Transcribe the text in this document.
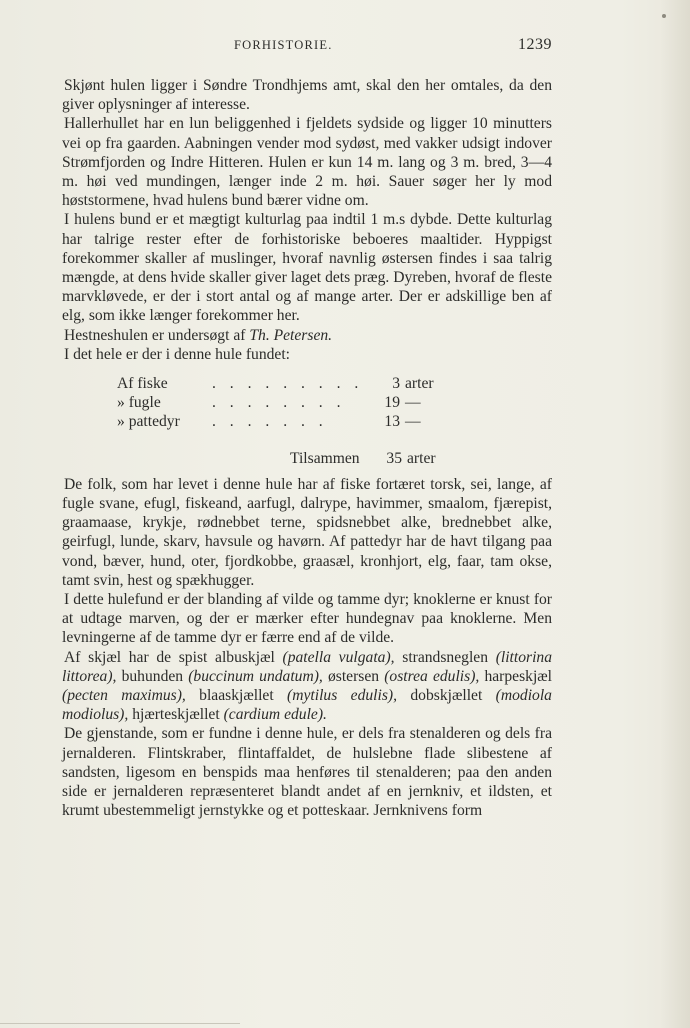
FORHISTORIE.	1239

Skjønt hulen ligger i Søndre Trondhjems amt, skal den her omtales, da den giver oplysninger af interesse.

Hallerhullet har en lun beliggenhed i fjeldets sydside og ligger 10 minutters vei op fra gaarden. Aabningen vender mod sydøst, med vakker udsigt indover Strømfjorden og Indre Hitteren. Hulen er kun 14 m. lang og 3 m. bred, 3—4 m. høi ved mundingen, længer inde 2 m. høi. Sauer søger her ly mod høststormene, hvad hulens bund bærer vidne om.

I hulens bund er et mægtigt kulturlag paa indtil 1 m.s dybde. Dette kulturlag har talrige rester efter de forhistoriske beboeres maaltider. Hyppigst forekommer skaller af muslinger, hvoraf navnlig østersen findes i saa talrig mængde, at dens hvide skaller giver laget dets præg. Dyreben, hvoraf de fleste marvkløvede, er der i stort antal og af mange arter. Der er adskillige ben af elg, som ikke længer forekommer her.

Hestneshulen er undersøgt af Th. Petersen.

I det hele er der i denne hule fundet:

Af fiske	. . . . . . . . .	3 arter
» fugle	. . . . . . . .	19 —
» pattedyr . . . . . . .	13 —
Tilsammen	35 arter

De folk, som har levet i denne hule har af fiske fortæret torsk, sei, lange, af fugle svane, efugl, fiskeand, aarfugl, dalrype, havimmer, smaalom, fjærepist, graamaase, krykje, rødnebbet terne, spidsnebbet alke, brednebbet alke, geirfugl, lunde, skarv, havsule og havørn. Af pattedyr har de havt tilgang paa vond, bæver, hund, oter, fjordkobbe, graasæl, kronhjort, elg, faar, tam okse, tamt svin, hest og spækhugger.

I dette hulefund er der blanding af vilde og tamme dyr; knoklerne er knust for at udtage marven, og der er mærker efter hundegnav paa knoklerne. Men levningerne af de tamme dyr er færre end af de vilde.

Af skjæl har de spist albuskjæl (patella vulgata), strandsneglen (littorina littorea), buhunden (buccinum undatum), østersen (ostrea edulis), harpeskjæl (pecten maximus), blaaskjællet (mytilus edulis), dobskjællet (modiola modiolus), hjærteskjællet (cardium edule).

De gjenstande, som er fundne i denne hule, er dels fra stenalderen og dels fra jernalderen. Flintskraber, flintaffaldet, de hulslebne flade slibestene af sandsten, ligesom en benspids maa henføres til stenalderen; paa den anden side er jernalderen repræsenteret blandt andet af en jernkniv, et ildsten, et krumt ubestemmeligt jernstykke og et potteskaar. Jernknivens form
